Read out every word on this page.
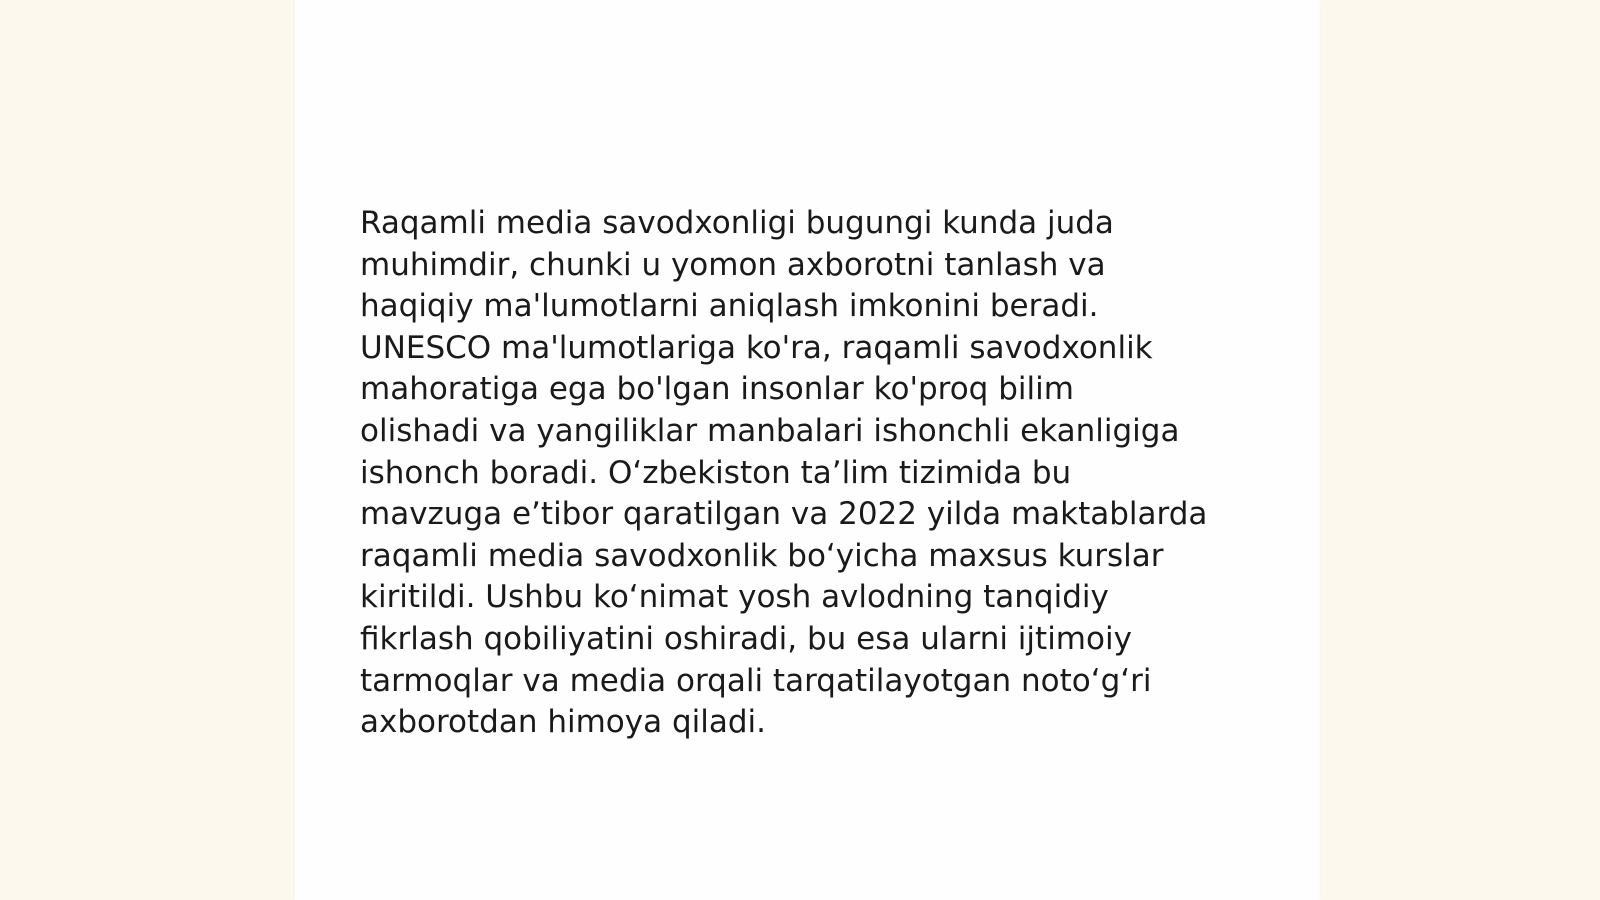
Raqamli media savodxonligi bugungi kunda juda
muhimdir, chunki u yomon axborotni tanlash va
haqiqiy ma'lumotlarni aniqlash imkonini beradi.
UNESCO ma'lumotlariga ko'ra, raqamli savodxonlik
mahoratiga ega bo'lgan insonlar ko'proq bilim
olishadi va yangiliklar manbalari ishonchli ekanligiga
ishonch boradi. O‘zbekiston ta’lim tizimida bu
mavzuga e’tibor qaratilgan va 2022 yilda maktablarda
raqamli media savodxonlik bo‘yicha maxsus kurslar
kiritildi. Ushbu ko‘nimat yosh avlodning tanqidiy
fikrlash qobiliyatini oshiradi, bu esa ularni ijtimoiy
tarmoqlar va media orqali tarqatilayotgan noto‘g‘ri
axborotdan himoya qiladi.
